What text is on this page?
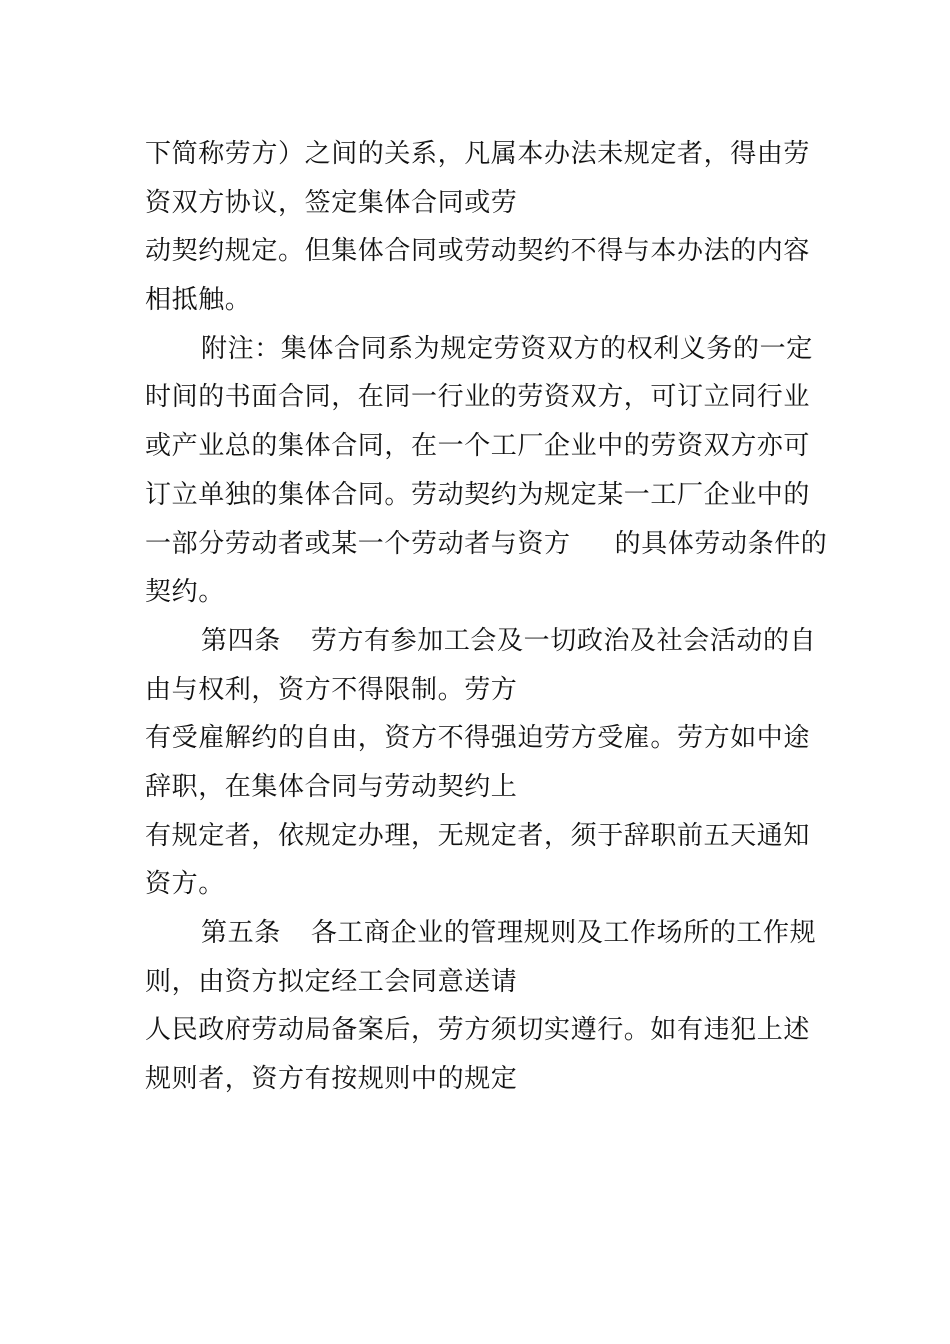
下简称劳方）之间的关系，凡属本办法未规定者，得由劳
资双方协议，签定集体合同或劳
动契约规定。但集体合同或劳动契约不得与本办法的内容
相抵触。
附注：集体合同系为规定劳资双方的权利义务的一定
时间的书面合同，在同一行业的劳资双方，可订立同行业
或产业总的集体合同，在一个工厂企业中的劳资双方亦可
订立单独的集体合同。劳动契约为规定某一工厂企业中的
一部分劳动者或某一个劳动者与资方 的具体劳动条件的
契约。
第四条 劳方有参加工会及一切政治及社会活动的自
由与权利，资方不得限制。劳方
有受雇解约的自由，资方不得强迫劳方受雇。劳方如中途
辞职，在集体合同与劳动契约上
有规定者，依规定办理，无规定者，须于辞职前五天通知
资方。
第五条 各工商企业的管理规则及工作场所的工作规
则，由资方拟定经工会同意送请
人民政府劳动局备案后，劳方须切实遵行。如有违犯上述
规则者，资方有按规则中的规定
